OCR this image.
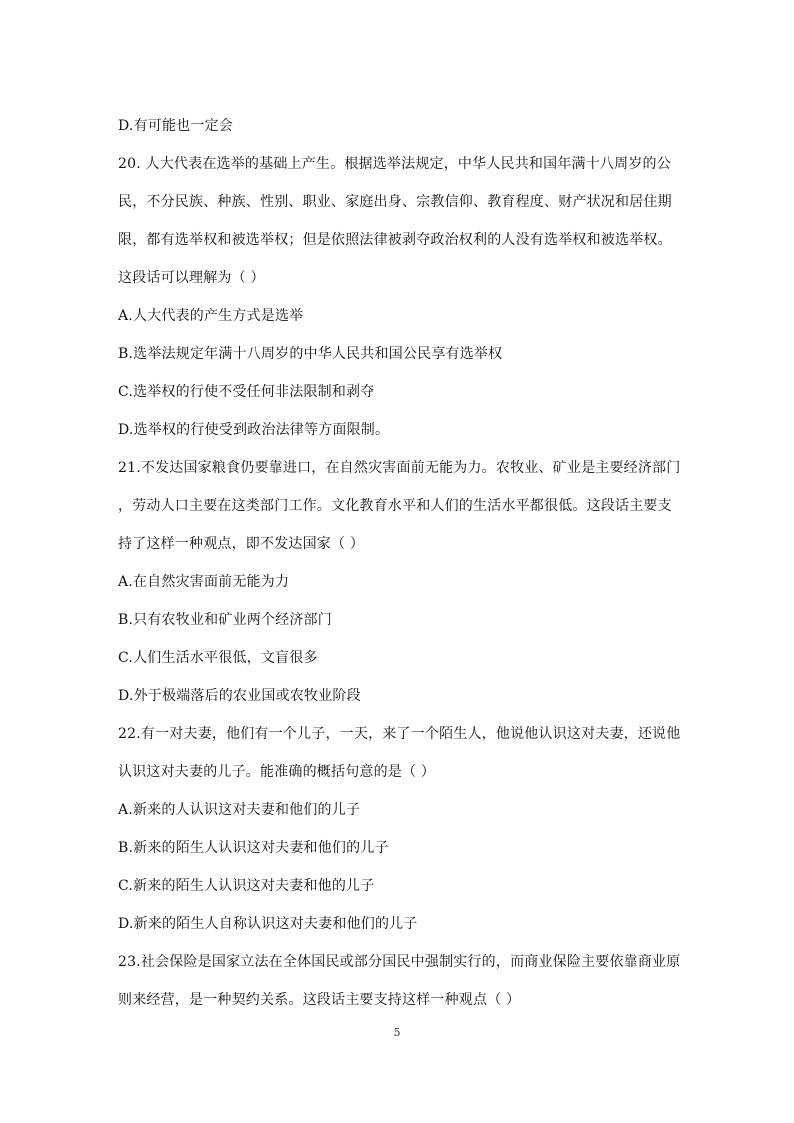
D.有可能也一定会
20. 人大代表在选举的基础上产生。根据选举法规定，中华人民共和国年满十八周岁的公
民，不分民族、种族、性别、职业、家庭出身、宗教信仰、教育程度、财产状况和居住期
限，都有选举权和被选举权；但是依照法律被剥夺政治权利的人没有选举权和被选举权。
这段话可以理解为（ ）
A.人大代表的产生方式是选举
B.选举法规定年满十八周岁的中华人民共和国公民享有选举权
C.选举权的行使不受任何非法限制和剥夺
D.选举权的行使受到政治法律等方面限制。
21.不发达国家粮食仍要靠进口，在自然灾害面前无能为力。农牧业、矿业是主要经济部门
，劳动人口主要在这类部门工作。文化教育水平和人们的生活水平都很低。这段话主要支
持了这样一种观点，即不发达国家（ ）
A.在自然灾害面前无能为力
B.只有农牧业和矿业两个经济部门
C.人们生活水平很低，文盲很多
D.外于极端落后的农业国或农牧业阶段
22.有一对夫妻，他们有一个儿子，一天，来了一个陌生人，他说他认识这对夫妻，还说他
认识这对夫妻的儿子。能准确的概括句意的是（ ）
A.新来的人认识这对夫妻和他们的儿子
B.新来的陌生人认识这对夫妻和他们的儿子
C.新来的陌生人认识这对夫妻和他的儿子
D.新来的陌生人自称认识这对夫妻和他们的儿子
23.社会保险是国家立法在全体国民或部分国民中强制实行的，而商业保险主要依靠商业原
则来经营，是一种契约关系。这段话主要支持这样一种观点（ ）
5
